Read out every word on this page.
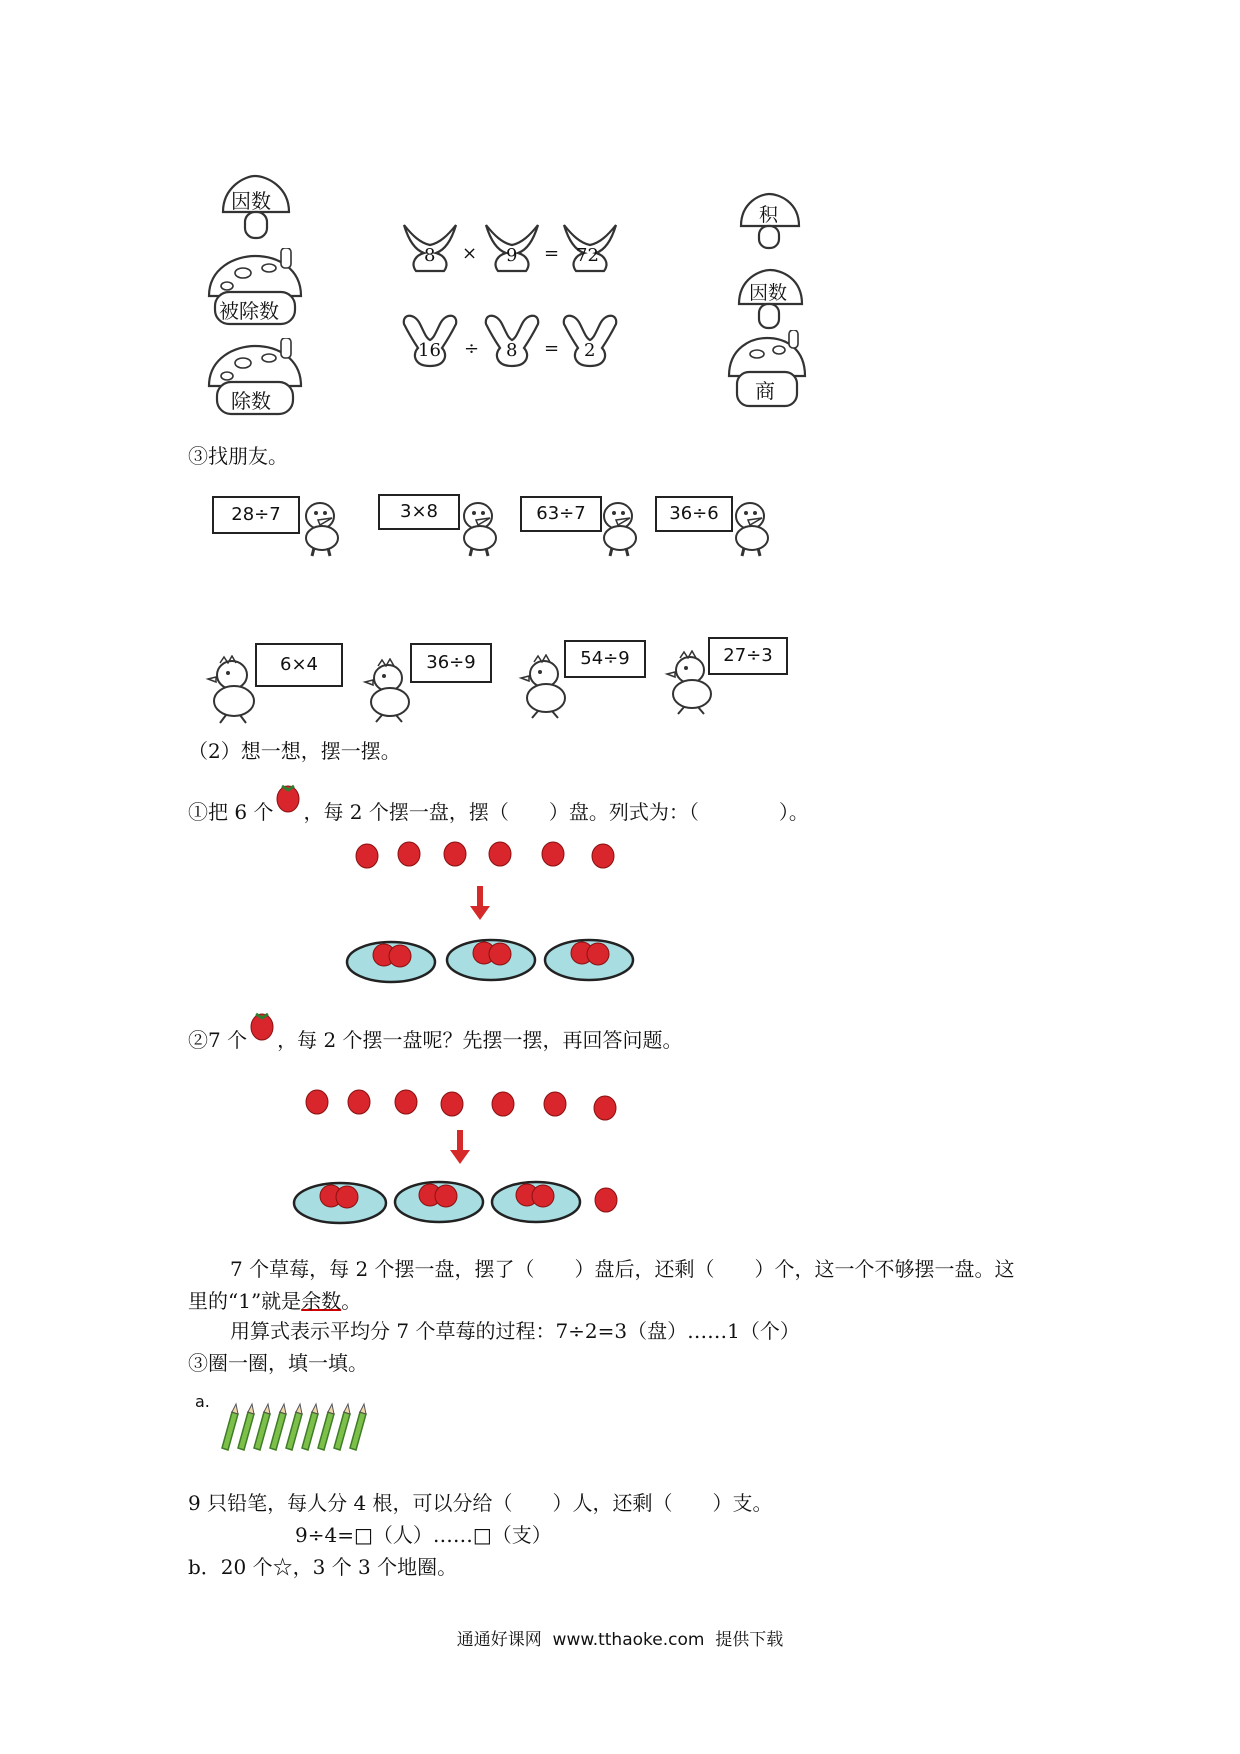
因数
被除数
除数
8 × 9 = 72
16 ÷ 8 = 2
积
因数
商
③找朋友。
28÷7	3×8	63÷7	36÷6
6×4	36÷9	54÷9	27÷3
（2）想一想，摆一摆。
①把 6 个 ，每 2 个摆一盘，摆（　　）盘。列式为：（　　　　）。
②7 个 ，每 2 个摆一盘呢？先摆一摆，再回答问题。
7 个草莓，每 2 个摆一盘，摆了（　　）盘后，还剩（　　）个，这一个不够摆一盘。这
里的“1”就是余数。
用算式表示平均分 7 个草莓的过程：7÷2=3（盘）……1（个）
③圈一圈，填一填。
a.
9 只铅笔，每人分 4 根，可以分给（　　）人，还剩（　　）支。
9÷4=□（人）……□（支）
b．20 个☆，3 个 3 个地圈。
通通好课网  www.tthaoke.com  提供下载
